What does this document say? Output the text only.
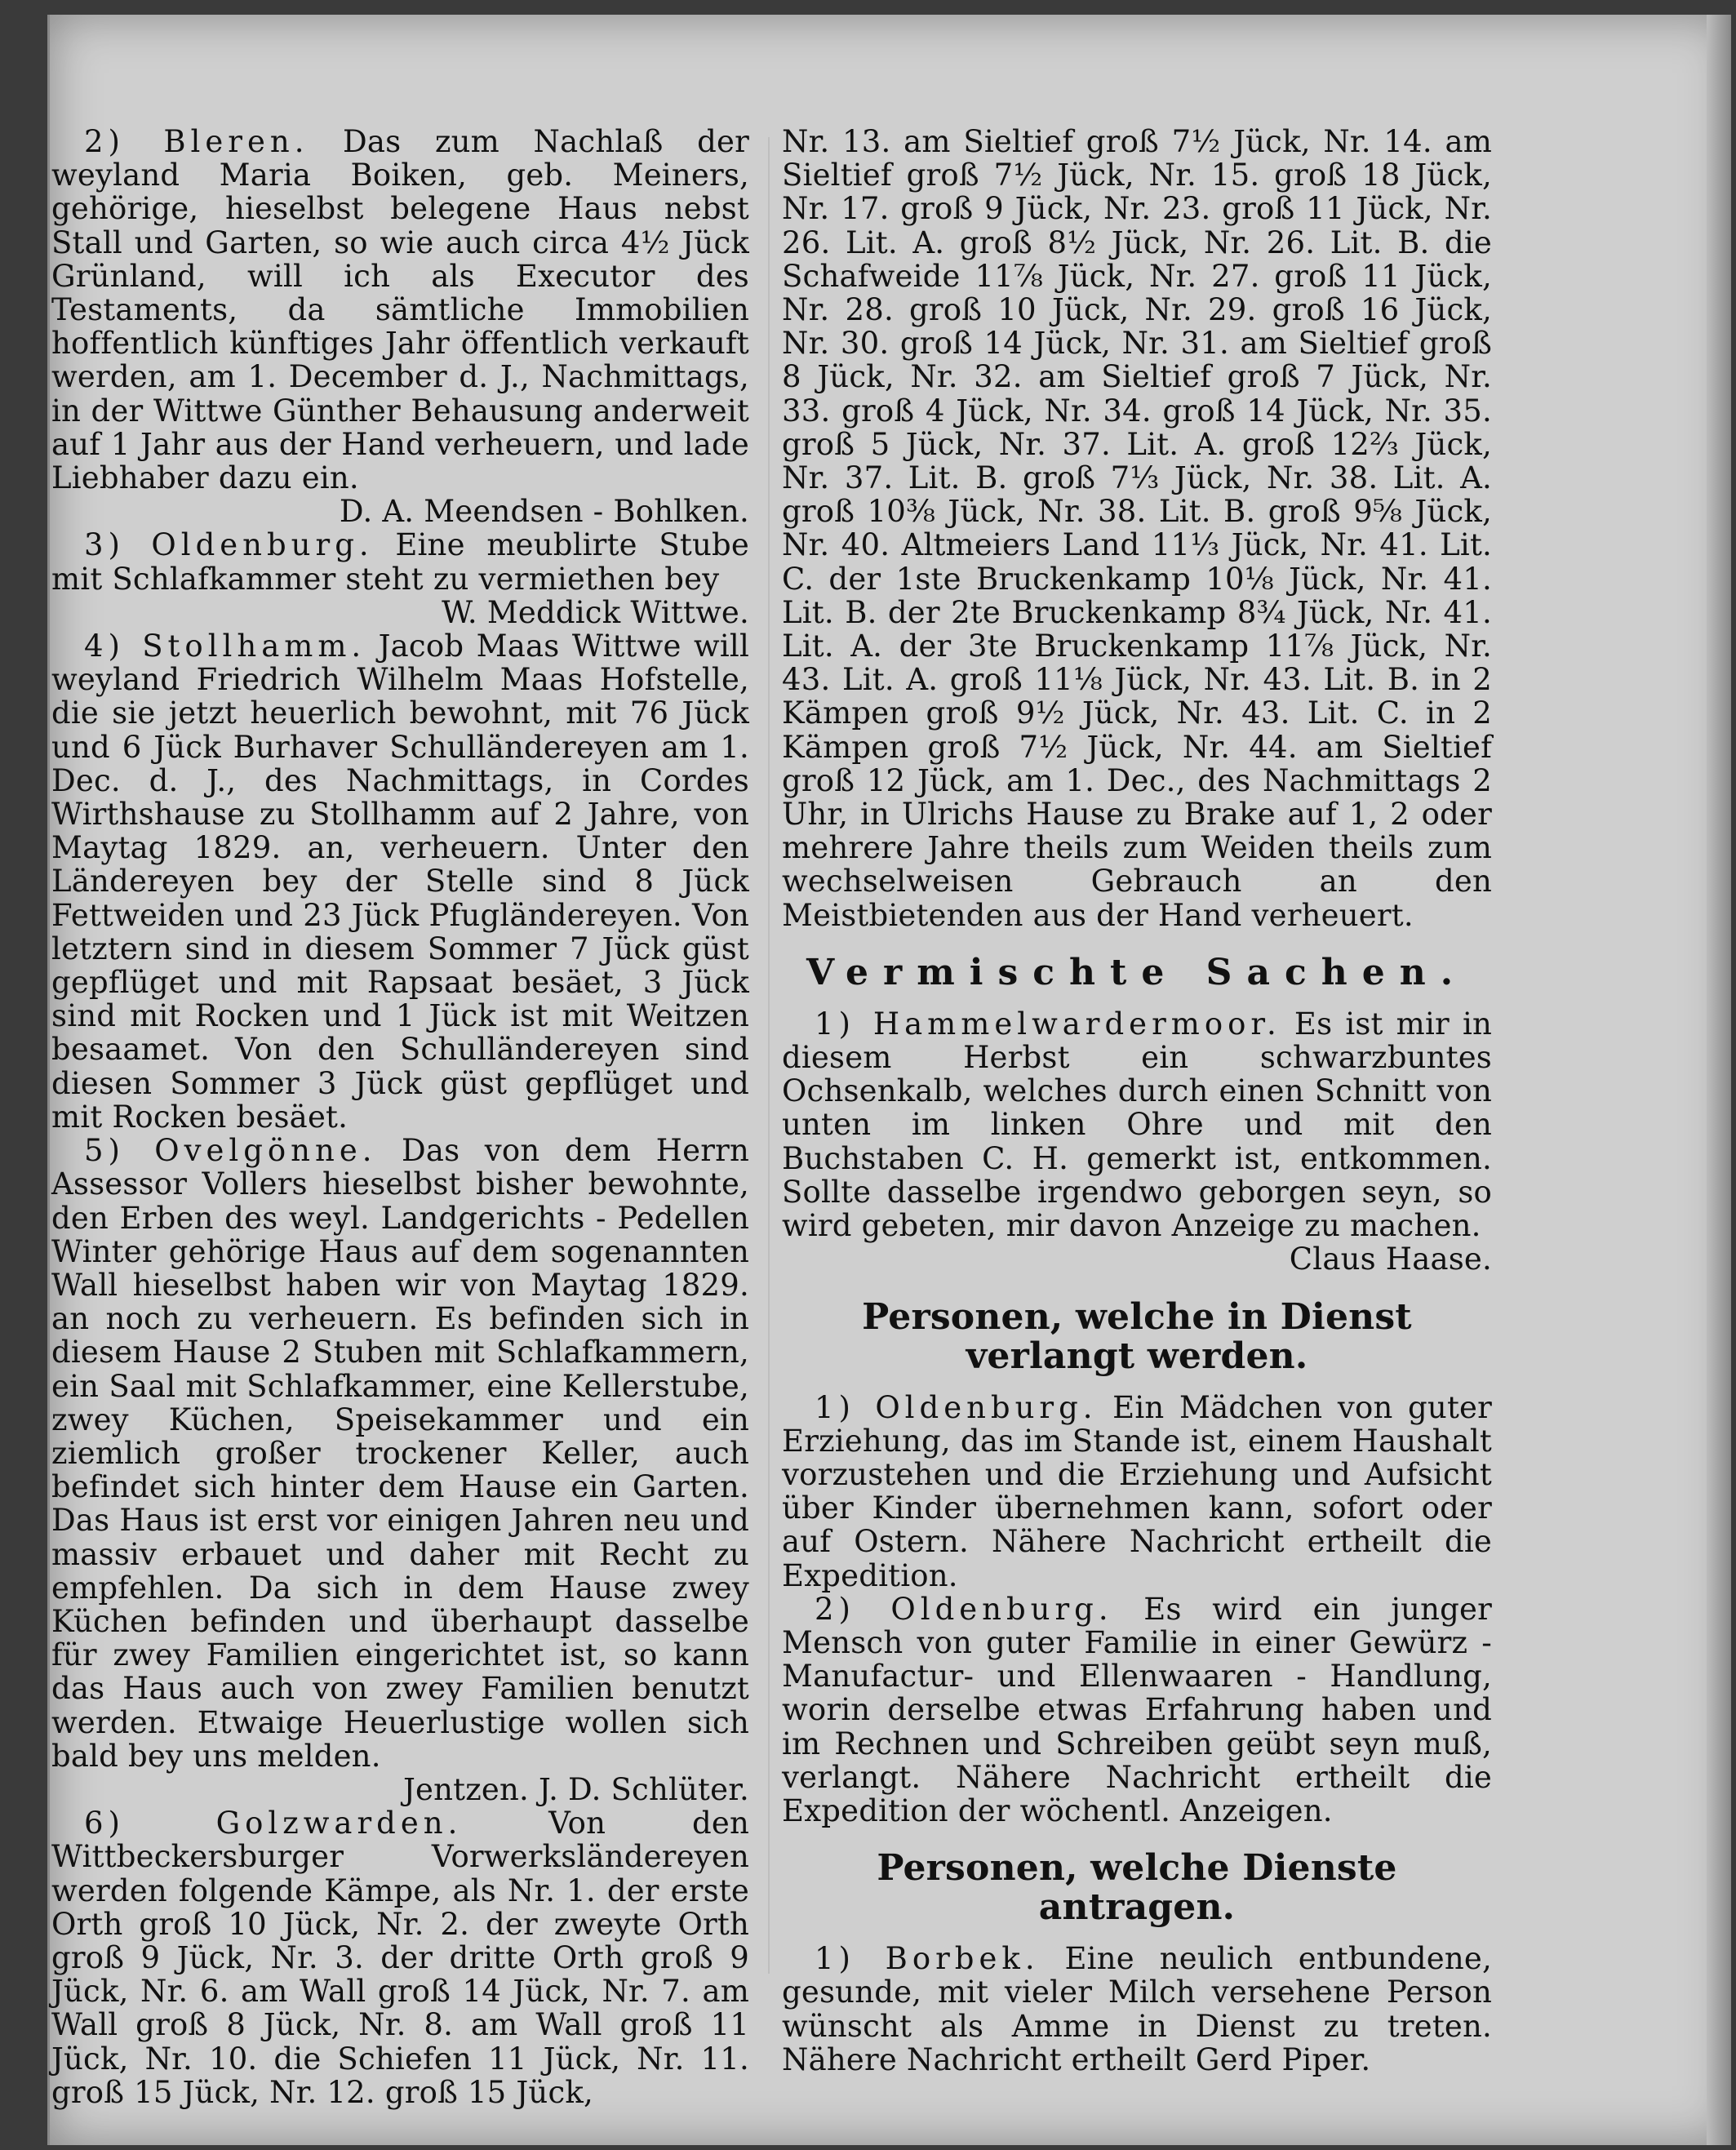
2) Bleren. Das zum Nachlaß der weyland Maria Boiken, geb. Meiners, gehörige, hieselbst belegene Haus nebst Stall und Garten, so wie auch circa 4½ Jück Grünland, will ich als Executor des Testaments, da sämtliche Immobilien hoffentlich künftiges Jahr öffentlich verkauft werden, am 1. December d. J., Nachmittags, in der Wittwe Günther Behausung anderweit auf 1 Jahr aus der Hand verheuern, und lade Liebhaber dazu ein.

D. A. Meendsen - Bohlken.

3) Oldenburg. Eine meublirte Stube mit Schlafkammer steht zu vermiethen bey

W. Meddick Wittwe.

4) Stollhamm. Jacob Maas Wittwe will weyland Friedrich Wilhelm Maas Hofstelle, die sie jetzt heuerlich bewohnt, mit 76 Jück und 6 Jück Burhaver Schulländereyen am 1. Dec. d. J., des Nachmittags, in Cordes Wirthshause zu Stollhamm auf 2 Jahre, von Maytag 1829. an, verheuern. Unter den Ländereyen bey der Stelle sind 8 Jück Fettweiden und 23 Jück Pfugländereyen. Von letztern sind in diesem Sommer 7 Jück güst gepflüget und mit Rapsaat besäet, 3 Jück sind mit Rocken und 1 Jück ist mit Weitzen besaamet. Von den Schulländereyen sind diesen Sommer 3 Jück güst gepflüget und mit Rocken besäet.

5) Ovelgönne. Das von dem Herrn Assessor Vollers hieselbst bisher bewohnte, den Erben des weyl. Landgerichts - Pedellen Winter gehörige Haus auf dem sogenannten Wall hieselbst haben wir von Maytag 1829. an noch zu verheuern. Es befinden sich in diesem Hause 2 Stuben mit Schlafkammern, ein Saal mit Schlafkammer, eine Kellerstube, zwey Küchen, Speisekammer und ein ziemlich großer trockener Keller, auch befindet sich hinter dem Hause ein Garten. Das Haus ist erst vor einigen Jahren neu und massiv erbauet und daher mit Recht zu empfehlen. Da sich in dem Hause zwey Küchen befinden und überhaupt dasselbe für zwey Familien eingerichtet ist, so kann das Haus auch von zwey Familien benutzt werden. Etwaige Heuerlustige wollen sich bald bey uns melden.

Jentzen. J. D. Schlüter.

6) Golzwarden.	Von den Wittbeckersburger Vorwerksländereyen werden folgende Kämpe, als Nr. 1. der erste Orth groß 10 Jück, Nr. 2. der zweyte Orth groß 9 Jück, Nr. 3. der dritte Orth groß 9 Jück, Nr. 6. am Wall groß 14 Jück, Nr. 7. am Wall groß 8 Jück, Nr. 8. am Wall groß 11 Jück, Nr. 10. die Schiefen 11 Jück, Nr. 11. groß 15 Jück, Nr. 12. groß 15 Jück,

Nr. 13. am Sieltief groß 7½ Jück, Nr. 14. am Sieltief groß 7½ Jück, Nr. 15. groß 18 Jück, Nr. 17. groß 9 Jück, Nr. 23. groß 11 Jück, Nr. 26. Lit. A. groß 8½ Jück, Nr. 26. Lit. B. die Schafweide 11⅞ Jück, Nr. 27. groß 11 Jück, Nr. 28. groß 10 Jück, Nr. 29. groß 16 Jück, Nr. 30. groß 14 Jück, Nr. 31. am Sieltief groß 8 Jück, Nr. 32. am Sieltief groß 7 Jück, Nr. 33. groß 4 Jück, Nr. 34. groß 14 Jück, Nr. 35. groß 5 Jück, Nr. 37. Lit. A. groß 12⅔ Jück, Nr. 37. Lit. B. groß 7⅓ Jück, Nr. 38. Lit. A. groß 10⅜ Jück, Nr. 38. Lit. B. groß 9⅝ Jück, Nr. 40. Altmeiers Land 11⅓ Jück, Nr. 41. Lit. C. der 1ste Bruckenkamp 10⅛ Jück, Nr. 41. Lit. B. der 2te Bruckenkamp 8¾ Jück, Nr. 41. Lit. A. der 3te Bruckenkamp 11⅞ Jück, Nr. 43. Lit. A. groß 11⅛ Jück, Nr. 43. Lit. B. in 2 Kämpen groß 9½ Jück, Nr. 43. Lit. C. in 2 Kämpen groß 7½ Jück, Nr. 44. am Sieltief groß 12 Jück, am 1. Dec., des Nachmittags 2 Uhr, in Ulrichs Hause zu Brake auf 1, 2 oder mehrere Jahre theils zum Weiden theils zum wechselweisen Gebrauch an den Meistbietenden aus der Hand verheuert.

Vermischte Sachen.

1) Hammelwardermoor. Es ist mir in diesem Herbst ein schwarzbuntes Ochsenkalb, welches durch einen Schnitt von unten im linken Ohre und mit den Buchstaben C. H. gemerkt ist, entkommen. Sollte dasselbe irgendwo geborgen seyn, so wird gebeten, mir davon Anzeige zu machen.

Claus Haase.

Personen, welche in Dienst verlangt werden.

1) Oldenburg. Ein Mädchen von guter Erziehung, das im Stande ist, einem Haushalt vorzustehen und die Erziehung und Aufsicht über Kinder übernehmen kann, sofort oder auf Ostern. Nähere Nachricht ertheilt die Expedition.

2) Oldenburg. Es wird ein junger Mensch von guter Familie in einer Gewürz - Manufactur- und Ellenwaaren - Handlung, worin derselbe etwas Erfahrung haben und im Rechnen und Schreiben geübt seyn muß, verlangt. Nähere Nachricht ertheilt die Expedition der wöchentl. Anzeigen.

Personen, welche Dienste antragen.

1) Borbek. Eine neulich entbundene, gesunde, mit vieler Milch versehene Person wünscht als Amme in Dienst zu treten. Nähere Nachricht ertheilt Gerd Piper.
